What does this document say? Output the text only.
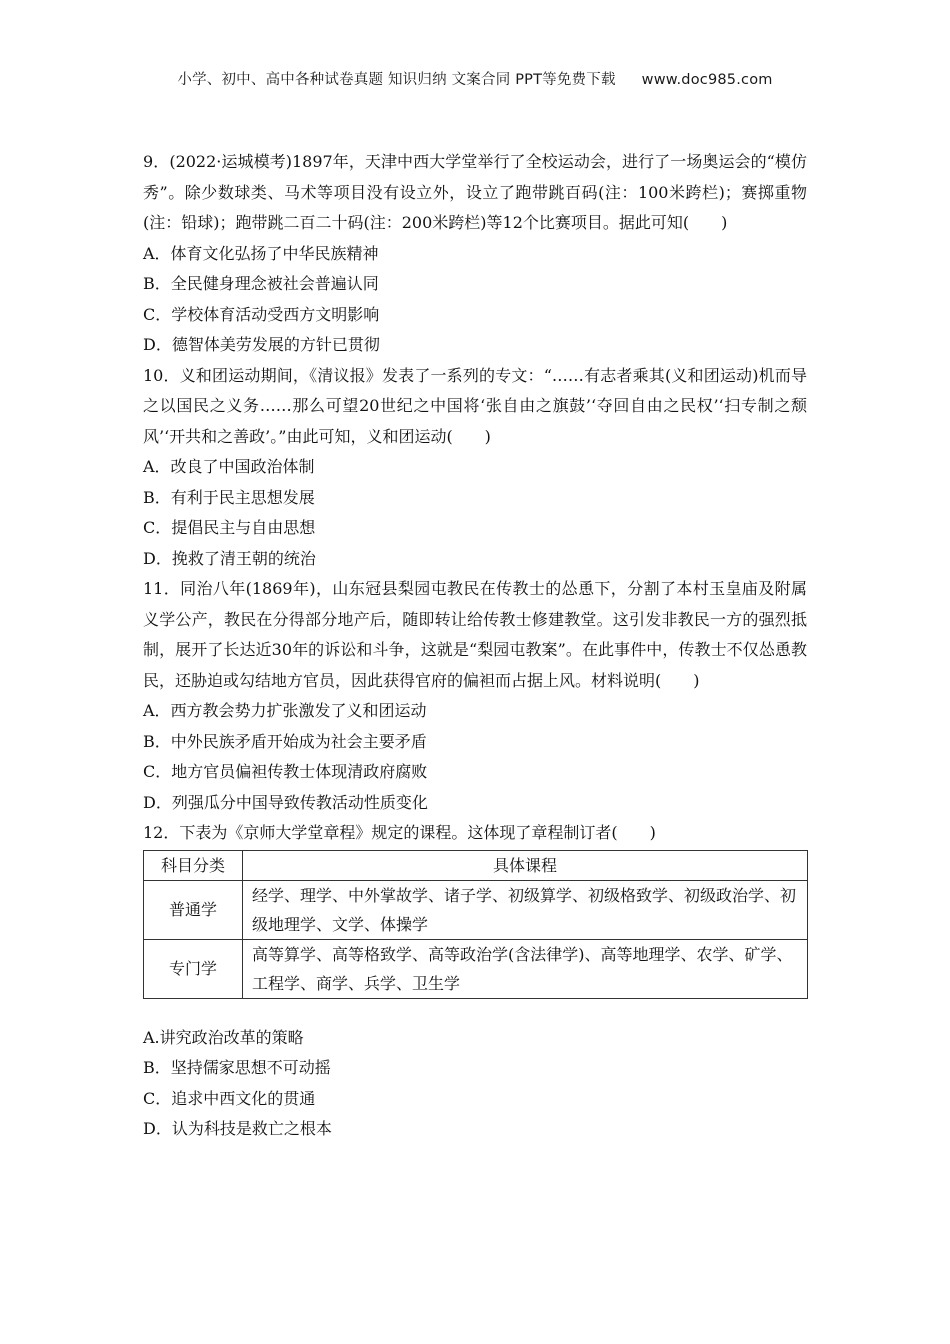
小学、初中、高中各种试卷真题 知识归纳 文案合同 PPT等免费下载 www.doc985.com

9．(2022·运城模考)1897年，天津中西大学堂举行了全校运动会，进行了一场奥运会的“模仿秀”。除少数球类、马术等项目没有设立外，设立了跑带跳百码(注：100米跨栏)；赛掷重物(注：铅球)；跑带跳二百二十码(注：200米跨栏)等12个比赛项目。据此可知(　　)

A．体育文化弘扬了中华民族精神
B．全民健身理念被社会普遍认同
C．学校体育活动受西方文明影响
D．德智体美劳发展的方针已贯彻

10．义和团运动期间，《清议报》发表了一系列的专文：“……有志者乘其(义和团运动)机而导之以国民之义务……那么可望20世纪之中国将‘张自由之旗鼓’‘夺回自由之民权’‘扫专制之颓风’‘开共和之善政’。”由此可知，义和团运动(　　)

A．改良了中国政治体制
B．有利于民主思想发展
C．提倡民主与自由思想
D．挽救了清王朝的统治

11．同治八年(1869年)，山东冠县梨园屯教民在传教士的怂恿下，分割了本村玉皇庙及附属义学公产，教民在分得部分地产后，随即转让给传教士修建教堂。这引发非教民一方的强烈抵制，展开了长达近30年的诉讼和斗争，这就是“梨园屯教案”。在此事件中，传教士不仅怂恿教民，还胁迫或勾结地方官员，因此获得官府的偏袒而占据上风。材料说明(　　)

A．西方教会势力扩张激发了义和团运动
B．中外民族矛盾开始成为社会主要矛盾
C．地方官员偏袒传教士体现清政府腐败
D．列强瓜分中国导致传教活动性质变化

12．下表为《京师大学堂章程》规定的课程。这体现了章程制订者(　　)

科目分类	具体课程
普通学	经学、理学、中外掌故学、诸子学、初级算学、初级格致学、初级政治学、初级地理学、文学、体操学
专门学	高等算学、高等格致学、高等政治学(含法律学)、高等地理学、农学、矿学、工程学、商学、兵学、卫生学
A.讲究政治改革的策略
B．坚持儒家思想不可动摇
C．追求中西文化的贯通
D．认为科技是救亡之根本
